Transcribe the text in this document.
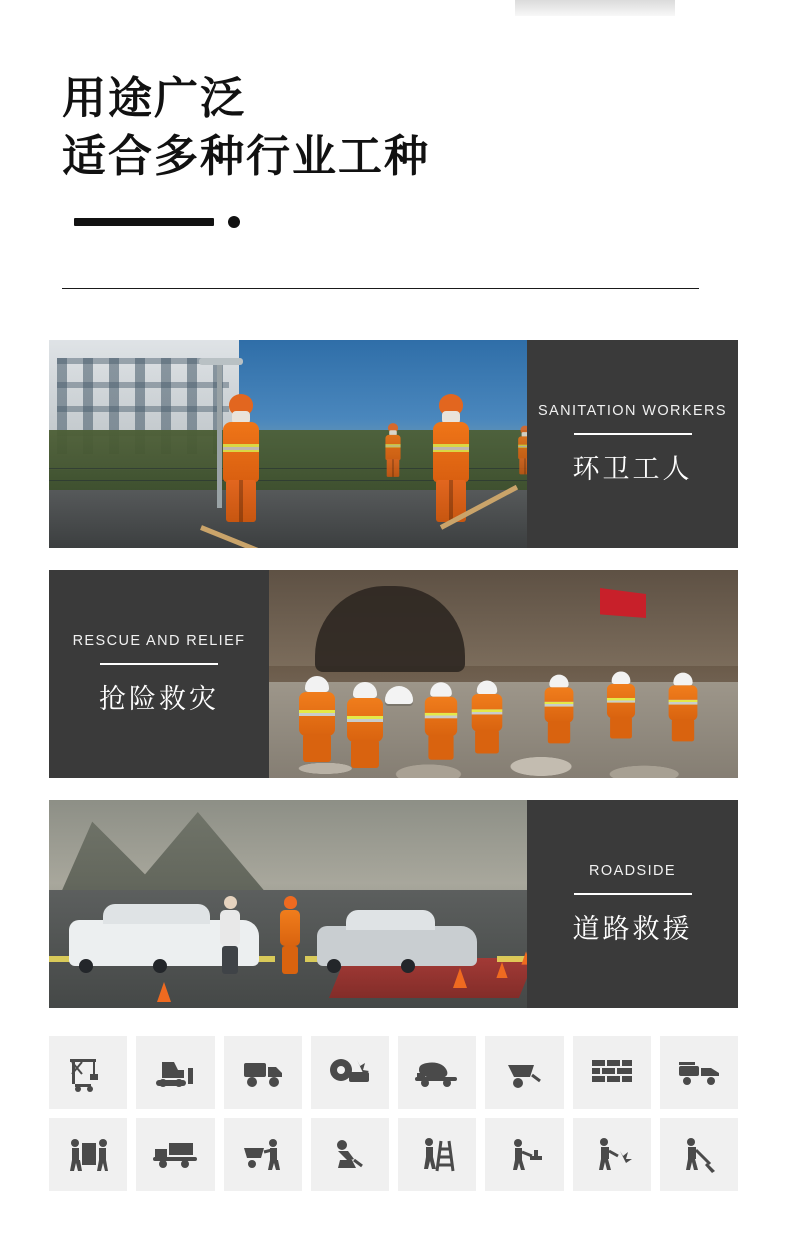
用途广泛
适合多种行业工种
SANITATION WORKERS
环卫工人
RESCUE AND RELIEF
抢险救灾
ROADSIDE
道路救援
